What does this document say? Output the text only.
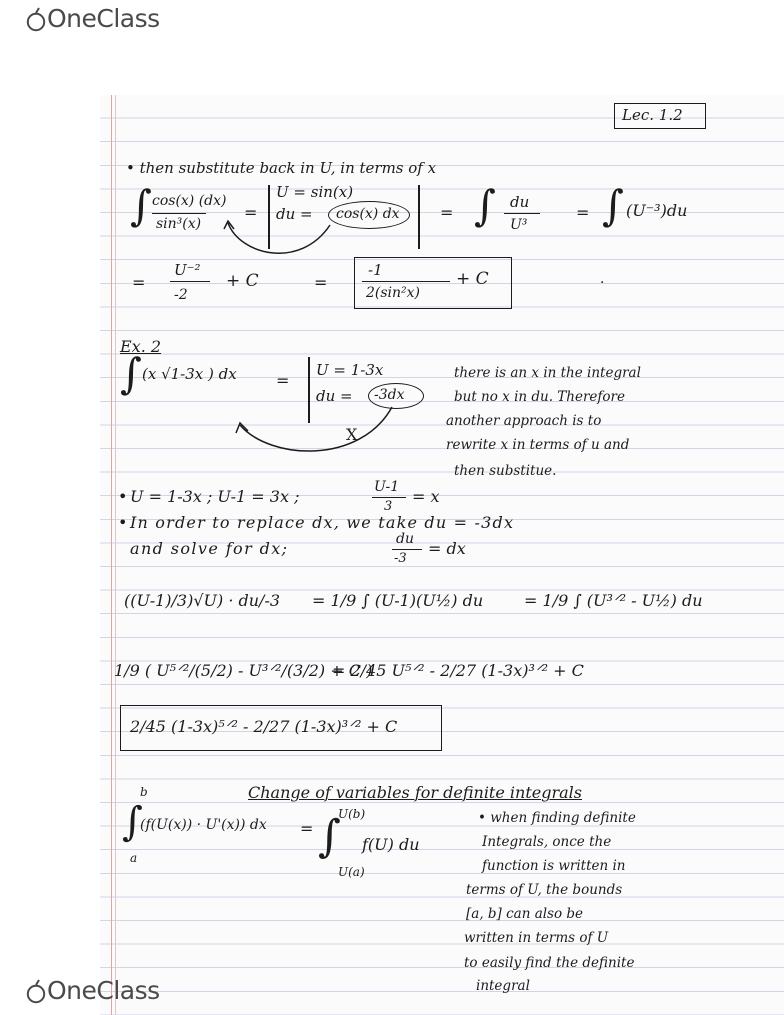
OneClass
Lec. 1.2
• then substitute back in U, in terms of x
∫ cos(x) (dx)
sin³(x)
=
U = sin(x)
du = cos(x) dx	= ∫ du
U³
= ∫ (U⁻³)du
=
U⁻²
-2
+ C	=
-1
2(sin²x)
+ C	·
Ex. 2
∫ (x √1-3x ) dx =
U = 1-3x
du = -3dx
X
there is an x in the integral
but no x in du. Therefore
another approach is to
rewrite x in terms of u and
then substitue.
• U = 1-3x ; U-1 = 3x ;	U-1
3
= x
• In order to replace dx, we take du = -3dx
and solve for dx;	du
-3
= dx
((U-1)/3)√U) · du/-3 = 1/9 ∫ (U-1)(U½) du	= 1/9 ∫ (U³ᐟ² - U½) du
1/9 ( U⁵ᐟ²/(5/2) - U³ᐟ²/(3/2) + C )
= 2/45 U⁵ᐟ² - 2/27 (1-3x)³ᐟ² + C
2/45 (1-3x)⁵ᐟ² - 2/27 (1-3x)³ᐟ² + C
Change of variables for definite integrals
b
∫
a
(f(U(x)) · U'(x)) dx =
U(b)
∫
U(a)
f(U) du
• when finding definite
Integrals, once the
function is written in
terms of U, the bounds
[a, b] can also be
written in terms of U
to easily find the definite
integral
OneClass
